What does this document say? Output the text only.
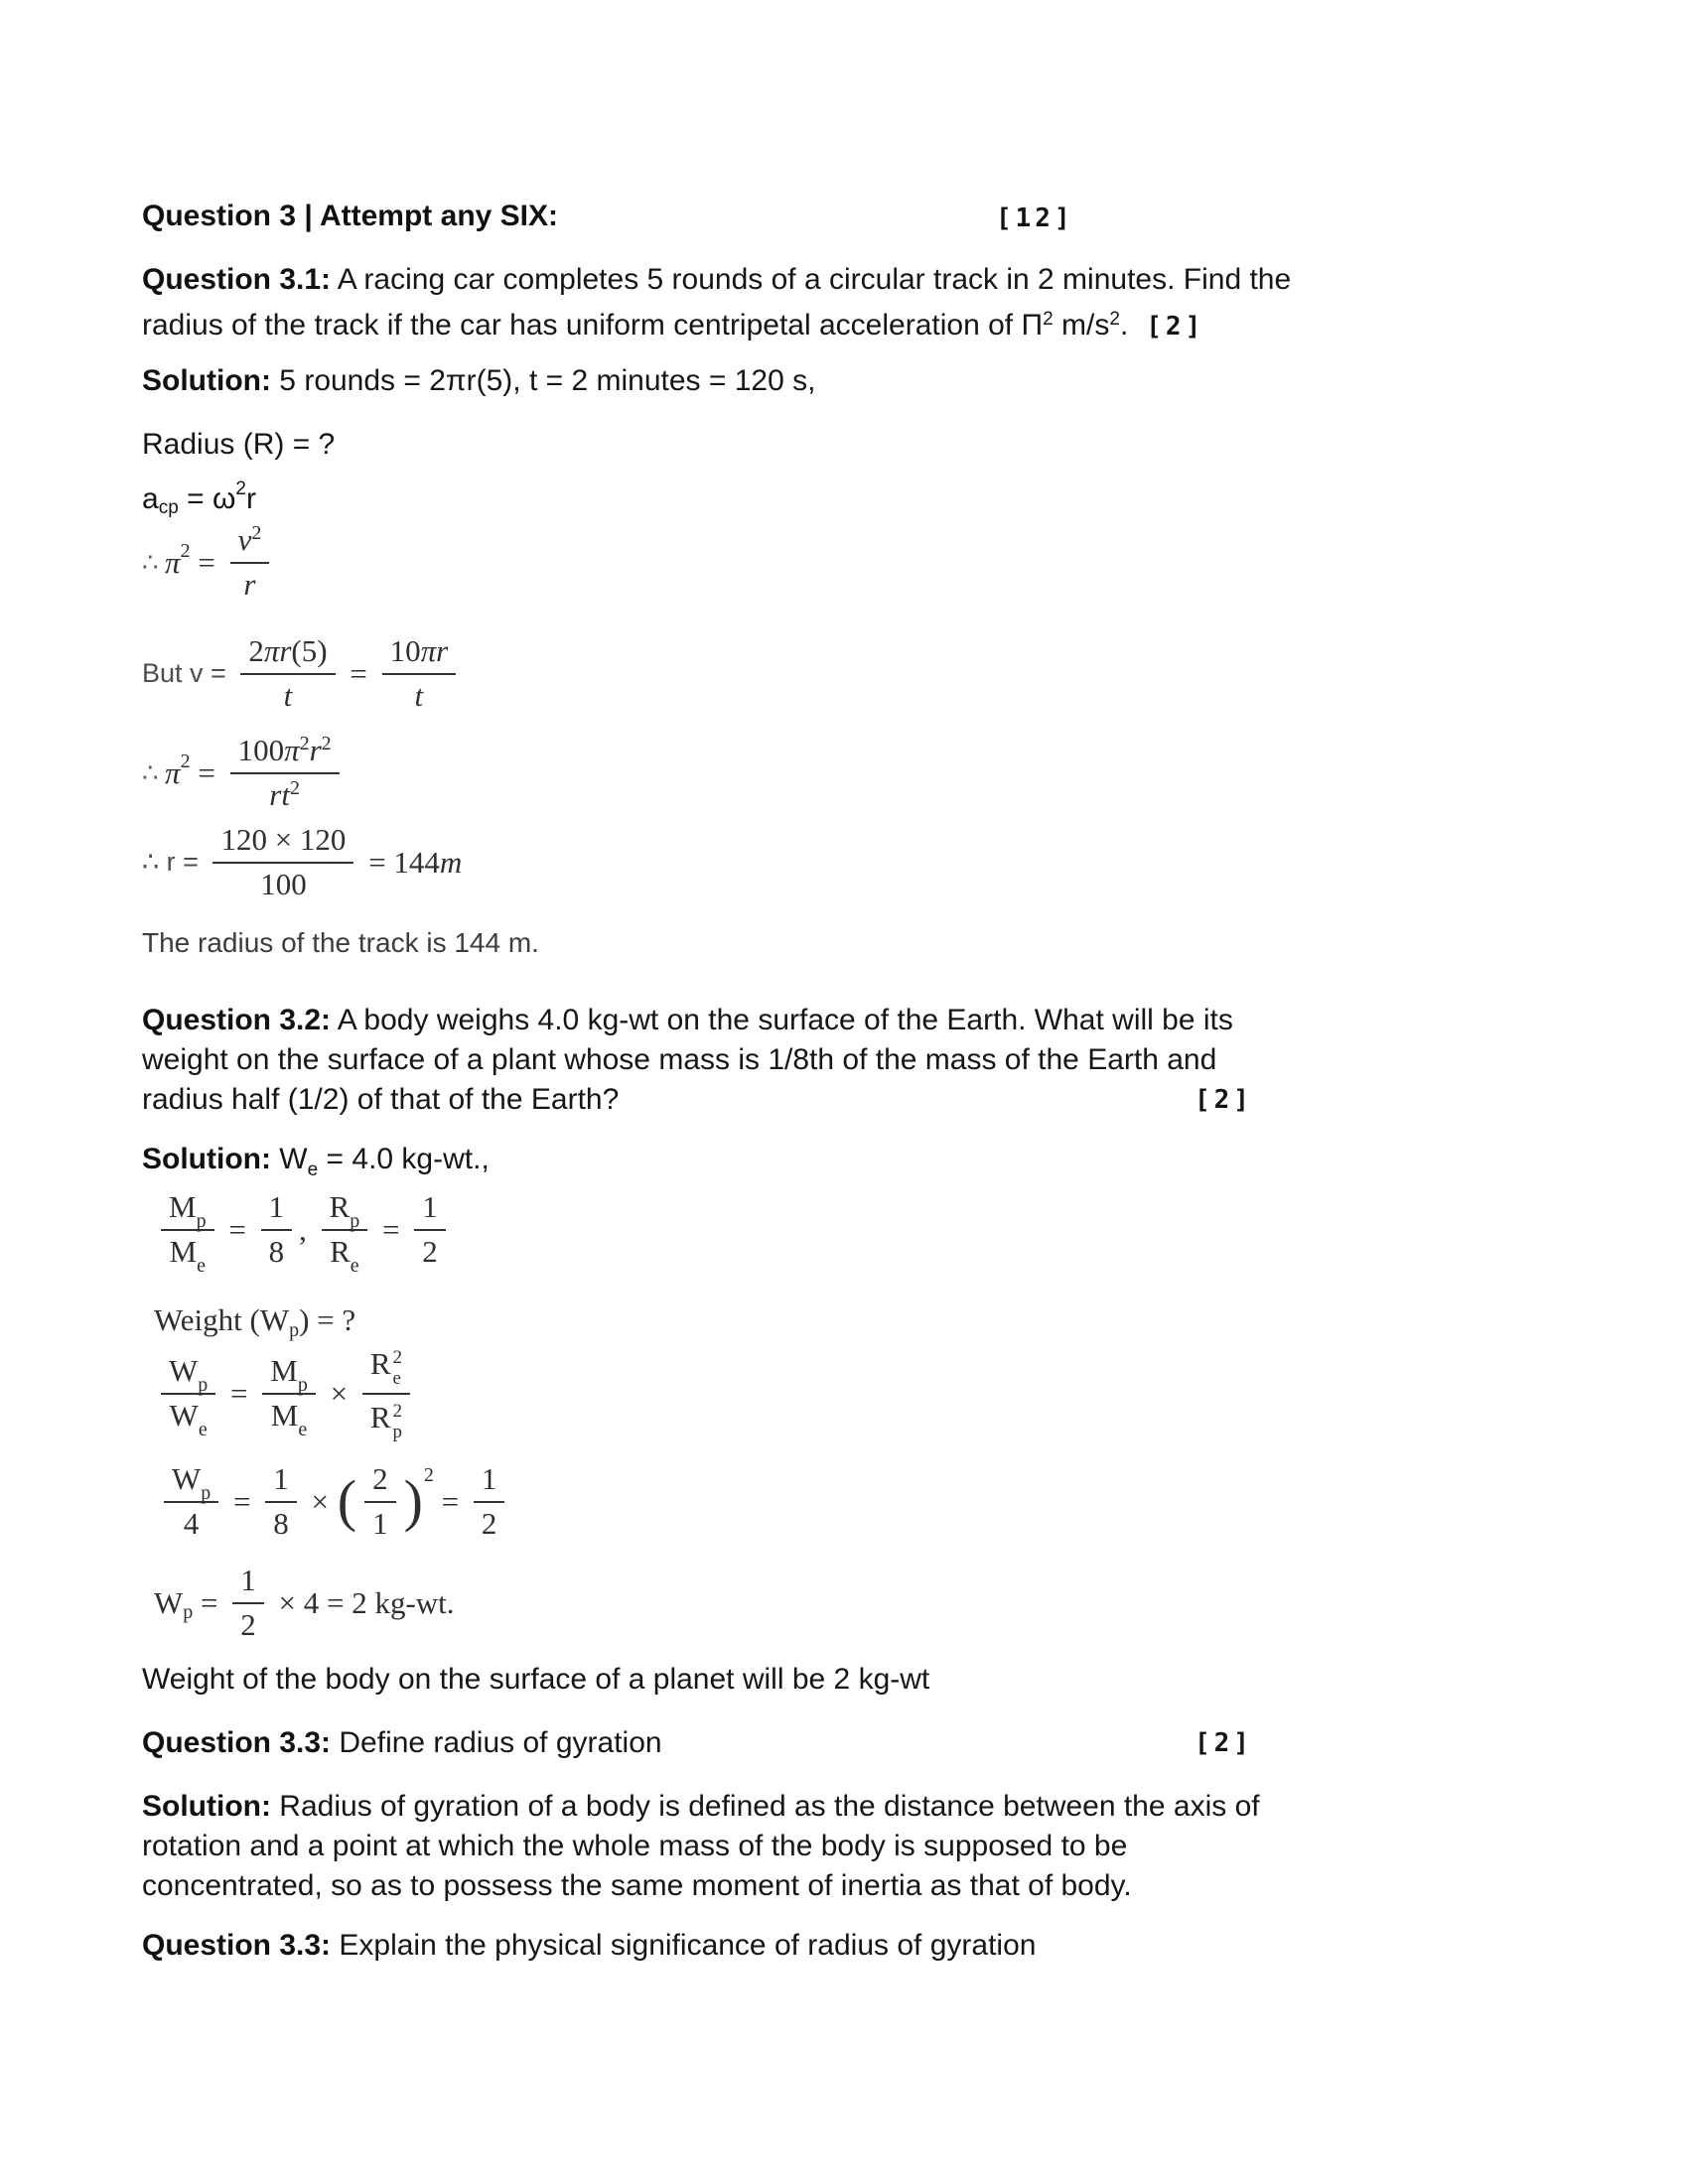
Question 3 | Attempt any SIX:	[12]
Question 3.1: A racing car completes 5 rounds of a circular track in 2 minutes. Find the
radius of the track if the car has uniform centripetal acceleration of $\Pi^2$ $m/s^2$. [2]
Solution: 5 rounds = 2πr(5), t = 2 minutes = 120 s,
Radius (R) = ?
a cp = ω 2 r
∴ π $2 = \frac{v^2}{r}$
But $v = \frac{2\pi r(5)}{t} = \frac{10\pi r}{t}$
∴ π $2 = \frac{100\pi^2r^2}{rt^2}$
∴ $r = \frac{120 \times 120}{100} = 144$ m
The radius of the track is 144 m.
Question 3.2: A body weighs 4.0 kg-wt on the surface of the Earth. What will be its
weight on the surface of a plant whose mass is 1/8th of the mass of the Earth and
radius half (1/2) of that of the Earth?	[2]
Solution: $W_e = 4.0$ kg-wt.,
$\frac{M_p}{M_e} = \frac{1}{8}$ , $\frac{R_p}{R_e} = \frac{1}{2}$
Weight (W p ) = ?
$\frac{W_p}{W_e} = \frac{M_p}{M_e} \times R$ 2
e
R 2
p
$\frac{W_p}{4} = \frac{1}{8}$ × ( $\frac{2}{1}$ ) 2
= $\frac{1}{2}$
W $p = \frac{1}{2} \times 4 = 2$ kg-wt.
Weight of the body on the surface of a planet will be 2 kg-wt
Question 3.3: Define radius of gyration	[2]
Solution: Radius of gyration of a body is defined as the distance between the axis of
rotation and a point at which the whole mass of the body is supposed to be
concentrated, so as to possess the same moment of inertia as that of body.
Question 3.3: Explain the physical significance of radius of gyration
